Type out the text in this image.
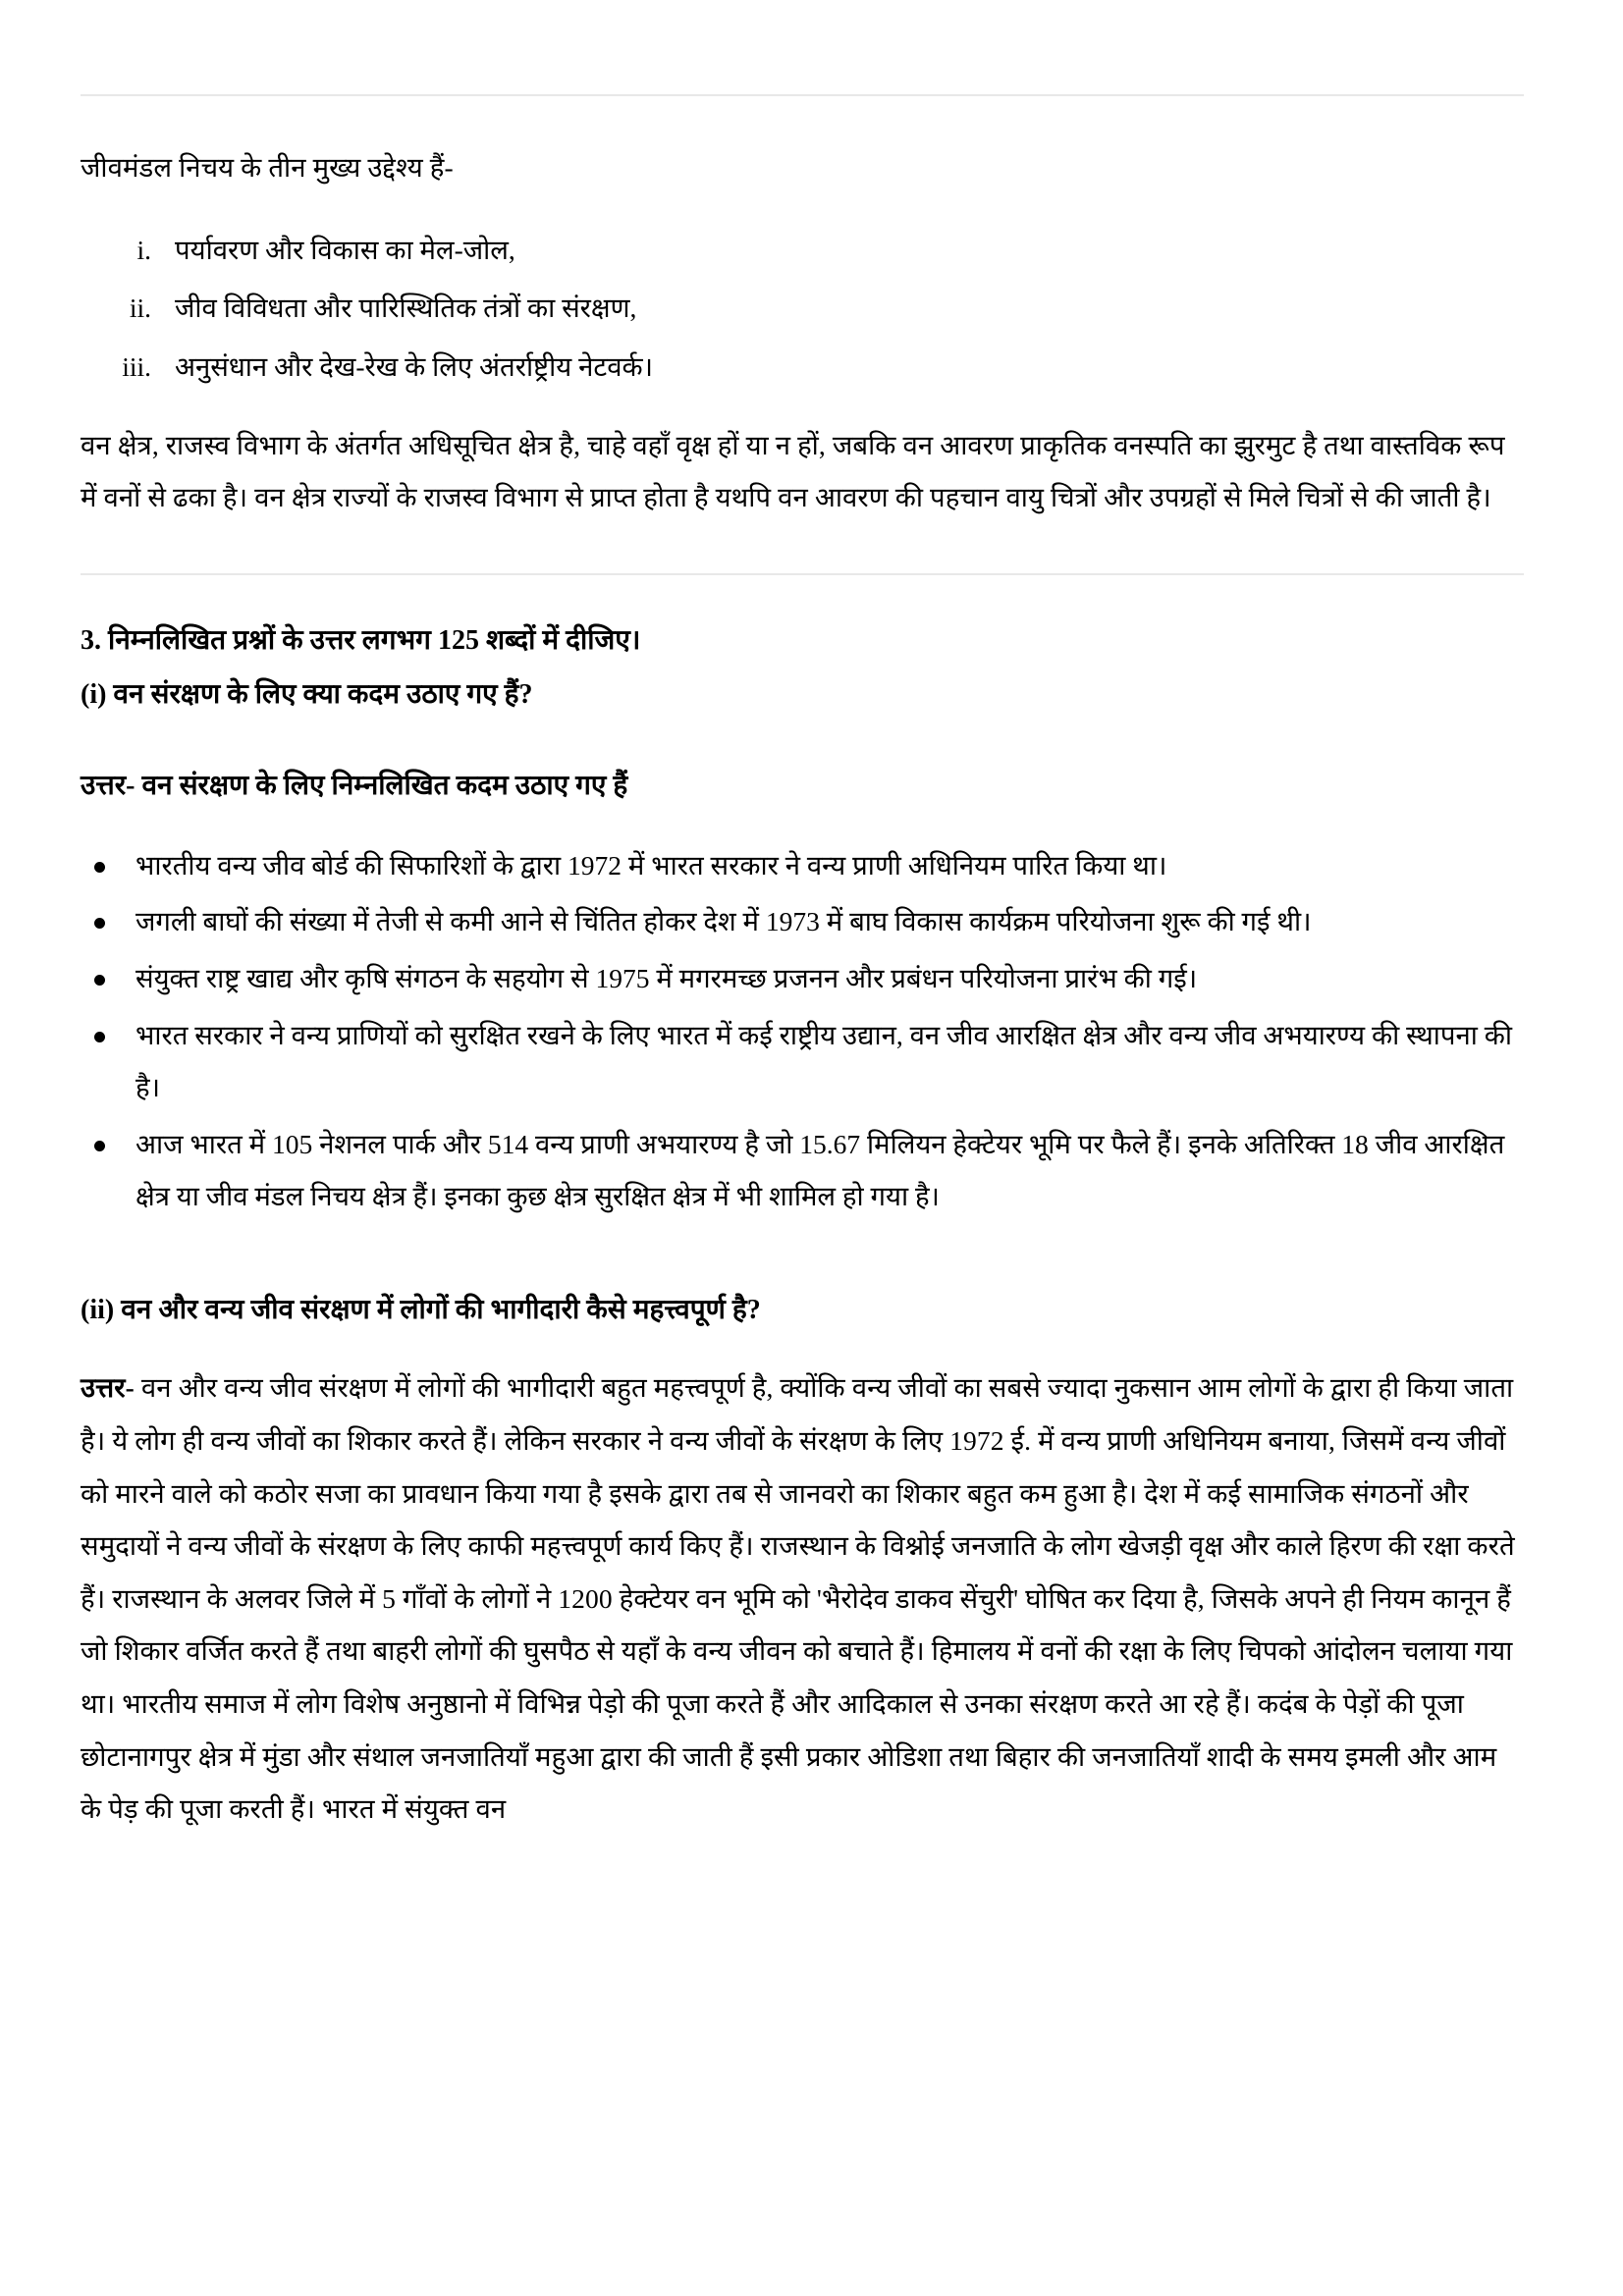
जीवमंडल निचय के तीन मुख्य उद्देश्य हैं-

i. पर्यावरण और विकास का मेल-जोल,
ii. जीव विविधता और पारिस्थितिक तंत्रों का संरक्षण,
iii. अनुसंधान और देख-रेख के लिए अंतर्राष्ट्रीय नेटवर्क।

वन क्षेत्र, राजस्व विभाग के अंतर्गत अधिसूचित क्षेत्र है, चाहे वहाँ वृक्ष हों या न हों, जबकि वन आवरण प्राकृतिक वनस्पति का झुरमुट है तथा वास्तविक रूप में वनों से ढका है। वन क्षेत्र राज्यों के राजस्व विभाग से प्राप्त होता है यथपि वन आवरण की पहचान वायु चित्रों और उपग्रहों से मिले चित्रों से की जाती है।

3. निम्नलिखित प्रश्नों के उत्तर लगभग 125 शब्दों में दीजिए।
(i) वन संरक्षण के लिए क्या कदम उठाए गए हैं?

उत्तर- वन संरक्षण के लिए निम्नलिखित कदम उठाए गए हैं

भारतीय वन्य जीव बोर्ड की सिफारिशों के द्वारा 1972 में भारत सरकार ने वन्य प्राणी अधिनियम पारित किया था।
जगली बाघों की संख्या में तेजी से कमी आने से चिंतित होकर देश में 1973 में बाघ विकास कार्यक्रम परियोजना शुरू की गई थी।
संयुक्त राष्ट्र खाद्य और कृषि संगठन के सहयोग से 1975 में मगरमच्छ प्रजनन और प्रबंधन परियोजना प्रारंभ की गई।
भारत सरकार ने वन्य प्राणियों को सुरक्षित रखने के लिए भारत में कई राष्ट्रीय उद्यान, वन जीव आरक्षित क्षेत्र और वन्य जीव अभयारण्य की स्थापना की है।
आज भारत में 105 नेशनल पार्क और 514 वन्य प्राणी अभयारण्य है जो 15.67 मिलियन हेक्टेयर भूमि पर फैले हैं। इनके अतिरिक्त 18 जीव आरक्षित क्षेत्र या जीव मंडल निचय क्षेत्र हैं। इनका कुछ क्षेत्र सुरक्षित क्षेत्र में भी शामिल हो गया है।
(ii) वन और वन्य जीव संरक्षण में लोगों की भागीदारी कैसे महत्त्वपूर्ण है?

उत्तर- वन और वन्य जीव संरक्षण में लोगों की भागीदारी बहुत महत्त्वपूर्ण है, क्योंकि वन्य जीवों का सबसे ज्यादा नुकसान आम लोगों के द्वारा ही किया जाता है। ये लोग ही वन्य जीवों का शिकार करते हैं। लेकिन सरकार ने वन्य जीवों के संरक्षण के लिए 1972 ई. में वन्य प्राणी अधिनियम बनाया, जिसमें वन्य जीवों को मारने वाले को कठोर सजा का प्रावधान किया गया है इसके द्वारा तब से जानवरो का शिकार बहुत कम हुआ है। देश में कई सामाजिक संगठनों और समुदायों ने वन्य जीवों के संरक्षण के लिए काफी महत्त्वपूर्ण कार्य किए हैं। राजस्थान के विश्नोई जनजाति के लोग खेजड़ी वृक्ष और काले हिरण की रक्षा करते हैं। राजस्थान के अलवर जिले में 5 गाँवों के लोगों ने 1200 हेक्टेयर वन भूमि को 'भैरोदेव डाकव सेंचुरी' घोषित कर दिया है, जिसके अपने ही नियम कानून हैं जो शिकार वर्जित करते हैं तथा बाहरी लोगों की घुसपैठ से यहाँ के वन्य जीवन को बचाते हैं। हिमालय में वनों की रक्षा के लिए चिपको आंदोलन चलाया गया था। भारतीय समाज में लोग विशेष अनुष्ठानो में विभिन्न पेड़ो की पूजा करते हैं और आदिकाल से उनका संरक्षण करते आ रहे हैं। कदंब के पेड़ों की पूजा छोटानागपुर क्षेत्र में मुंडा और संथाल जनजातियाँ महुआ द्वारा की जाती हैं इसी प्रकार ओडिशा तथा बिहार की जनजातियाँ शादी के समय इमली और आम के पेड़ की पूजा करती हैं। भारत में संयुक्त वन
